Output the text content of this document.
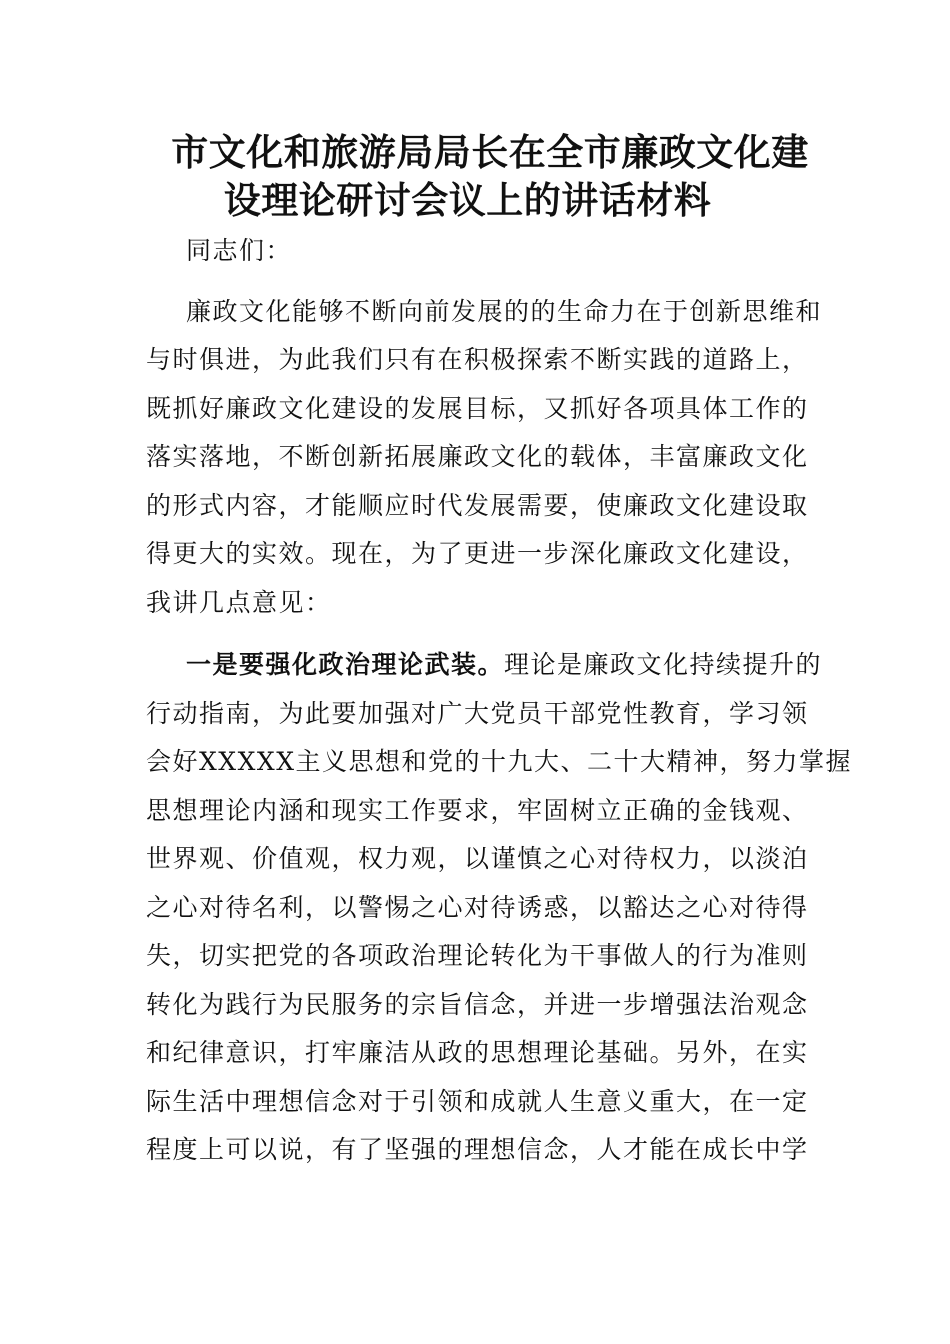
市文化和旅游局局长在全市廉政文化建
设理论研讨会议上的讲话材料
同志们：
廉政文化能够不断向前发展的的生命力在于创新思维和
与时俱进，为此我们只有在积极探索不断实践的道路上，
既抓好廉政文化建设的发展目标，又抓好各项具体工作的
落实落地，不断创新拓展廉政文化的载体，丰富廉政文化
的形式内容，才能顺应时代发展需要，使廉政文化建设取
得更大的实效。现在，为了更进一步深化廉政文化建设，
我讲几点意见：
一是要强化政治理论武装。理论是廉政文化持续提升的
行动指南，为此要加强对广大党员干部党性教育，学习领
会好XXXXX主义思想和党的十九大、二十大精神，努力掌握
思想理论内涵和现实工作要求，牢固树立正确的金钱观、
世界观、价值观，权力观，以谨慎之心对待权力，以淡泊
之心对待名利，以警惕之心对待诱惑，以豁达之心对待得
失，切实把党的各项政治理论转化为干事做人的行为准则
转化为践行为民服务的宗旨信念，并进一步增强法治观念
和纪律意识，打牢廉洁从政的思想理论基础。另外，在实
际生活中理想信念对于引领和成就人生意义重大，在一定
程度上可以说，有了坚强的理想信念，人才能在成长中学
